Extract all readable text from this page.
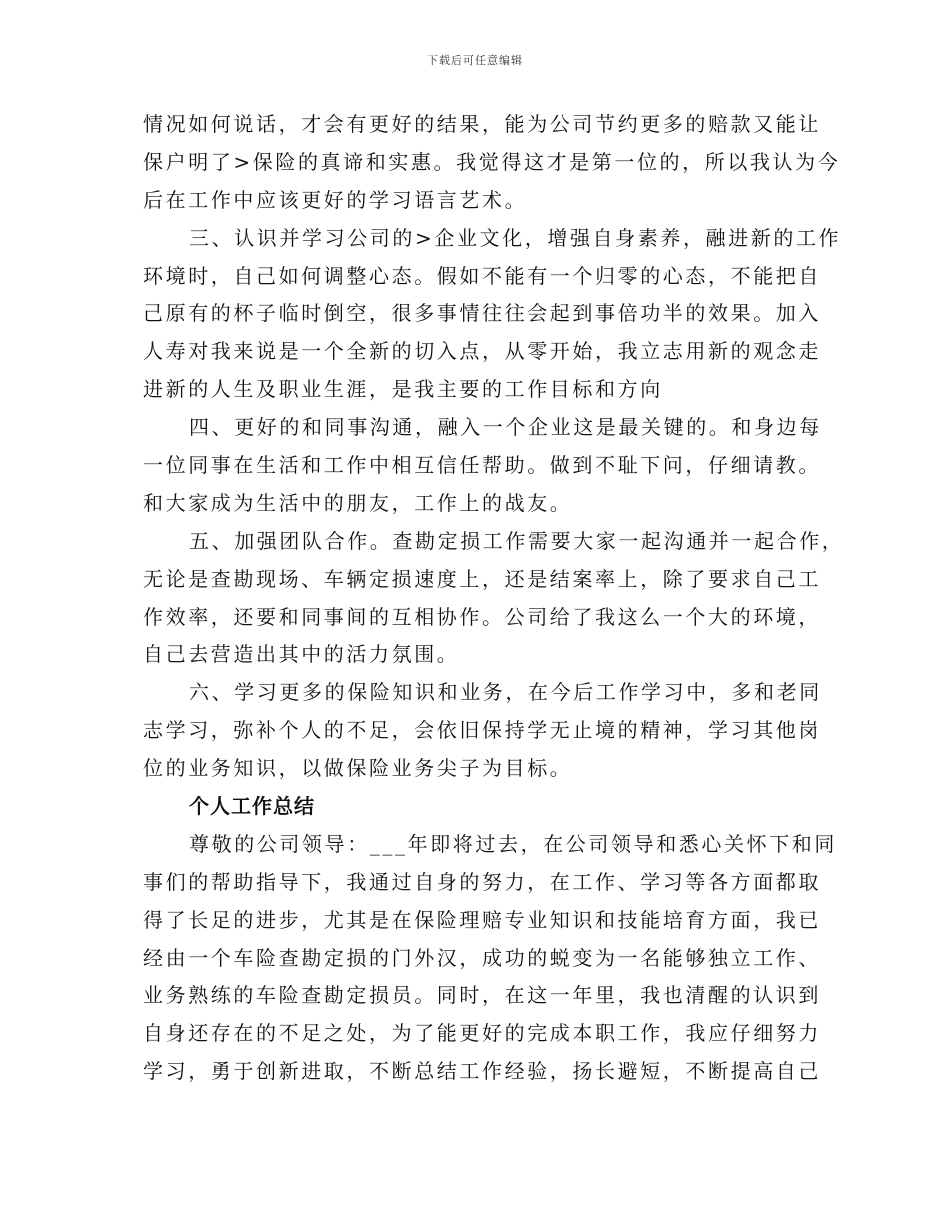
下载后可任意编辑
情况如何说话，才会有更好的结果，能为公司节约更多的赔款又能让
保户明了>保险的真谛和实惠。我觉得这才是第一位的，所以我认为今
后在工作中应该更好的学习语言艺术。
三、认识并学习公司的>企业文化，增强自身素养，融进新的工作
环境时，自己如何调整心态。假如不能有一个归零的心态，不能把自
己原有的杯子临时倒空，很多事情往往会起到事倍功半的效果。加入
人寿对我来说是一个全新的切入点，从零开始，我立志用新的观念走
进新的人生及职业生涯，是我主要的工作目标和方向
四、更好的和同事沟通，融入一个企业这是最关键的。和身边每
一位同事在生活和工作中相互信任帮助。做到不耻下问，仔细请教。
和大家成为生活中的朋友，工作上的战友。
五、加强团队合作。查勘定损工作需要大家一起沟通并一起合作，
无论是查勘现场、车辆定损速度上，还是结案率上，除了要求自己工
作效率，还要和同事间的互相协作。公司给了我这么一个大的环境，
自己去营造出其中的活力氛围。
六、学习更多的保险知识和业务，在今后工作学习中，多和老同
志学习，弥补个人的不足，会依旧保持学无止境的精神，学习其他岗
位的业务知识，以做保险业务尖子为目标。
个人工作总结
尊敬的公司领导：___年即将过去，在公司领导和悉心关怀下和同
事们的帮助指导下，我通过自身的努力，在工作、学习等各方面都取
得了长足的进步，尤其是在保险理赔专业知识和技能培育方面，我已
经由一个车险查勘定损的门外汉，成功的蜕变为一名能够独立工作、
业务熟练的车险查勘定损员。同时，在这一年里，我也清醒的认识到
自身还存在的不足之处，为了能更好的完成本职工作，我应仔细努力
学习，勇于创新进取，不断总结工作经验，扬长避短，不断提高自己
